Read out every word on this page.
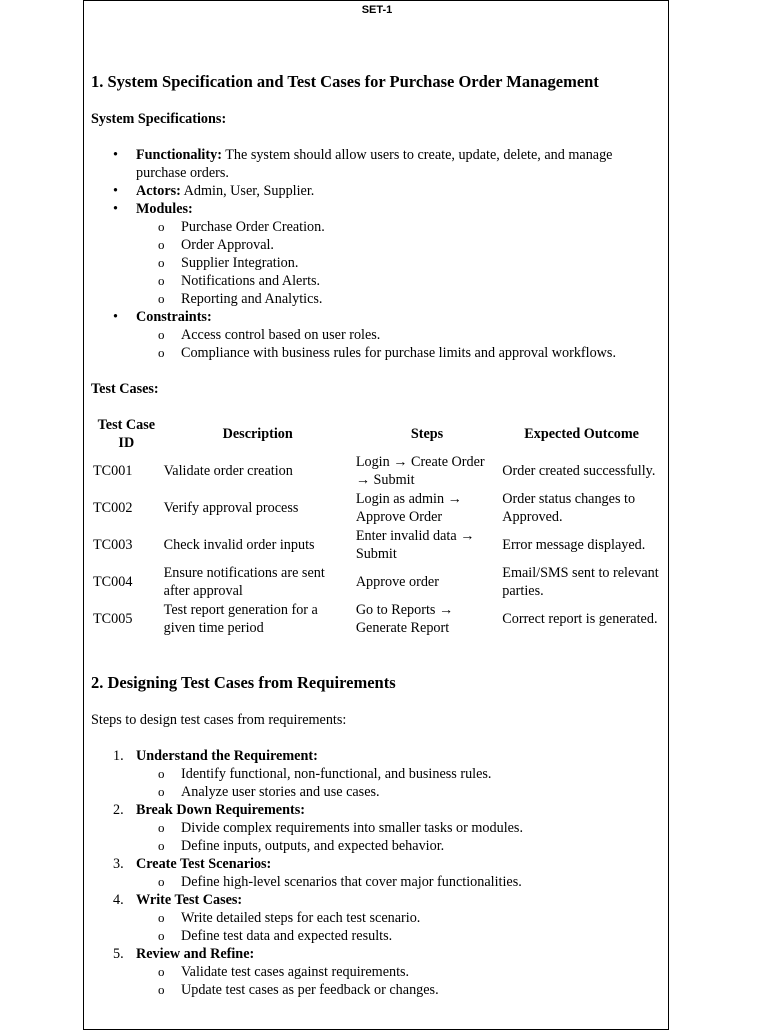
SET-1
1. System Specification and Test Cases for Purchase Order Management

System Specifications:

• Functionality: The system should allow users to create, update, delete, and manage purchase orders.
• Actors: Admin, User, Supplier.
• Modules:
o Purchase Order Creation.
o Order Approval.
o Supplier Integration.
o Notifications and Alerts.
o Reporting and Analytics.
• Constraints:
o Access control based on user roles.
o Compliance with business rules for purchase limits and approval workflows.

Test Cases:

Test Case ID	Description	Steps	Expected Outcome
TC001	Validate order creation	Login → Create Order → Submit	Order created successfully.
TC002	Verify approval process	Login as admin → Approve Order	Order status changes to Approved.
TC003	Check invalid order inputs	Enter invalid data → Submit	Error message displayed.
TC004	Ensure notifications are sent after approval	Approve order	Email/SMS sent to relevant parties.
TC005	Test report generation for a given time period	Go to Reports → Generate Report	Correct report is generated.
2. Designing Test Cases from Requirements

Steps to design test cases from requirements:

1. Understand the Requirement:
o Identify functional, non-functional, and business rules.
o Analyze user stories and use cases.
2. Break Down Requirements:
o Divide complex requirements into smaller tasks or modules.
o Define inputs, outputs, and expected behavior.
3. Create Test Scenarios:
o Define high-level scenarios that cover major functionalities.
4. Write Test Cases:
o Write detailed steps for each test scenario.
o Define test data and expected results.
5. Review and Refine:
o Validate test cases against requirements.
o Update test cases as per feedback or changes.
